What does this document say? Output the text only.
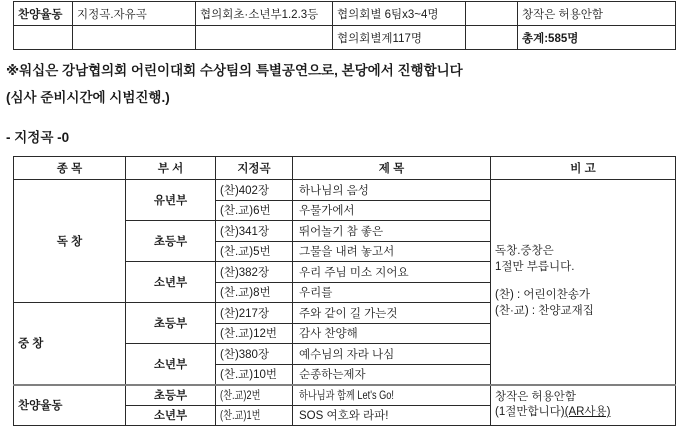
찬양율동	지정곡.자유곡	협의회초·소년부1.2.3등	협의회별 6팀x3~4명		창작은 허용안함
			협의회별계117명		총계:585명
※워십은 강남협의회 어린이대회 수상팀의 특별공연으로, 본당에서 진행합니다
(심사 준비시간에 시범진행.)
- 지정곡 -0
종 목	부 서	지정곡	제 목	비 고
독 창	유년부	(찬)402장	하나님의 음성	독창.중창은
1절만 부릅니다.
(찬) : 어린이찬송가
(찬·교) : 찬양교재집

		(찬.교)6번	우물가에서	
	초등부	(찬)341장	뛰어놀기 참 좋은	
		(찬.교)5번	그물을 내려 놓고서	
	소년부	(찬)382장	우리 주님 미소 지어요	
		(찬.교)8번	우리를	
중 창	초등부	(찬)217장	주와 같이 길 가는것	
		(찬.교)12번	감사 찬양해	
	소년부	(찬)380장	예수님의 자라 나심	
		(찬.교)10번	순종하는제자	
찬양율동	초등부	(찬.교)2번	하나님과 함께 Let's Go!	창작은 허용안함
(1절만합니다)(AR사용)

	소년부	(찬.교)1번	SOS 여호와 라파!	
